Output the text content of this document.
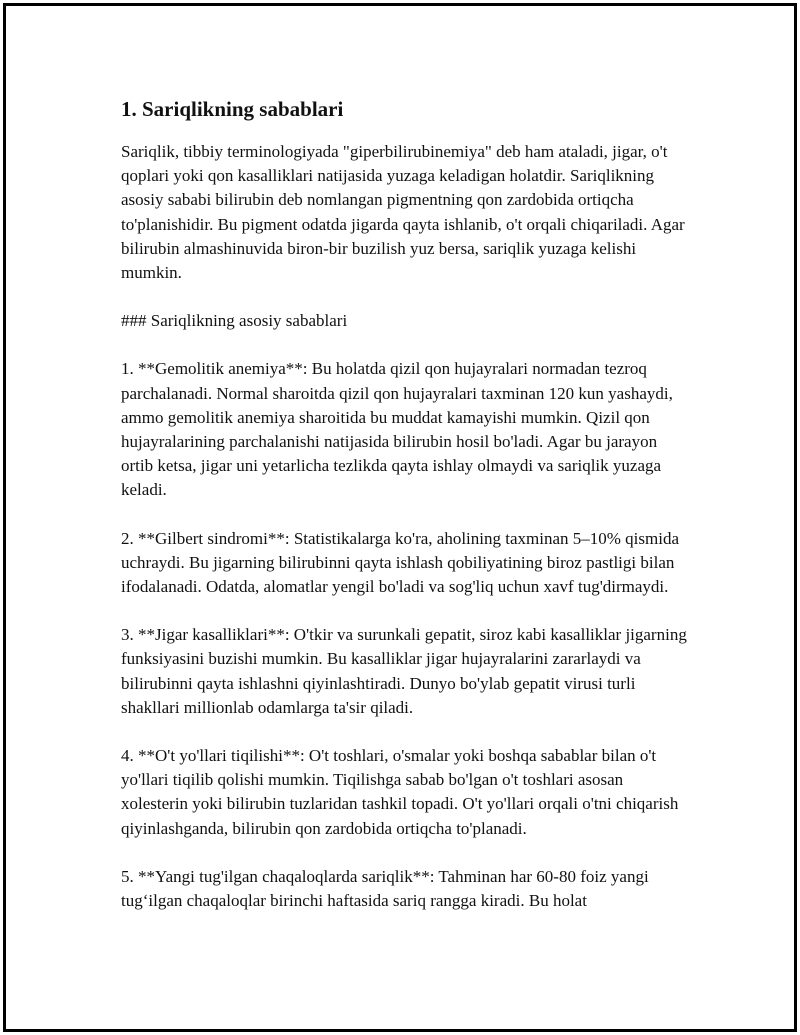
1. Sariqlikning sabablari

Sariqlik, tibbiy terminologiyada "giperbilirubinemiya" deb ham ataladi, jigar, o't qoplari yoki qon kasalliklari natijasida yuzaga keladigan holatdir. Sariqlikning asosiy sababi bilirubin deb nomlangan pigmentning qon zardobida ortiqcha to'planishidir. Bu pigment odatda jigarda qayta ishlanib, o't orqali chiqariladi. Agar bilirubin almashinuvida biron-bir buzilish yuz bersa, sariqlik yuzaga kelishi mumkin.

### Sariqlikning asosiy sabablari

1. **Gemolitik anemiya**: Bu holatda qizil qon hujayralari normadan tezroq parchalanadi. Normal sharoitda qizil qon hujayralari taxminan 120 kun yashaydi, ammo gemolitik anemiya sharoitida bu muddat kamayishi mumkin. Qizil qon hujayralarining parchalanishi natijasida bilirubin hosil bo'ladi. Agar bu jarayon ortib ketsa, jigar uni yetarlicha tezlikda qayta ishlay olmaydi va sariqlik yuzaga keladi.

2. **Gilbert sindromi**: Statistikalarga ko'ra, aholining taxminan 5–10% qismida uchraydi. Bu jigarning bilirubinni qayta ishlash qobiliyatining biroz pastligi bilan ifodalanadi. Odatda, alomatlar yengil bo'ladi va sog'liq uchun xavf tug'dirmaydi.

3. **Jigar kasalliklari**: O'tkir va surunkali gepatit, siroz kabi kasalliklar jigarning funksiyasini buzishi mumkin. Bu kasalliklar jigar hujayralarini zararlaydi va bilirubinni qayta ishlashni qiyinlashtiradi. Dunyo bo'ylab gepatit virusi turli shakllari millionlab odamlarga ta'sir qiladi.

4. **O't yo'llari tiqilishi**: O't toshlari, o'smalar yoki boshqa sabablar bilan o't yo'llari tiqilib qolishi mumkin. Tiqilishga sabab bo'lgan o't toshlari asosan xolesterin yoki bilirubin tuzlaridan tashkil topadi. O't yo'llari orqali o'tni chiqarish qiyinlashganda, bilirubin qon zardobida ortiqcha to'planadi.

5. **Yangi tug'ilgan chaqaloqlarda sariqlik**: Tahminan har 60-80 foiz yangi tug‘ilgan chaqaloqlar birinchi haftasida sariq rangga kiradi. Bu holat
